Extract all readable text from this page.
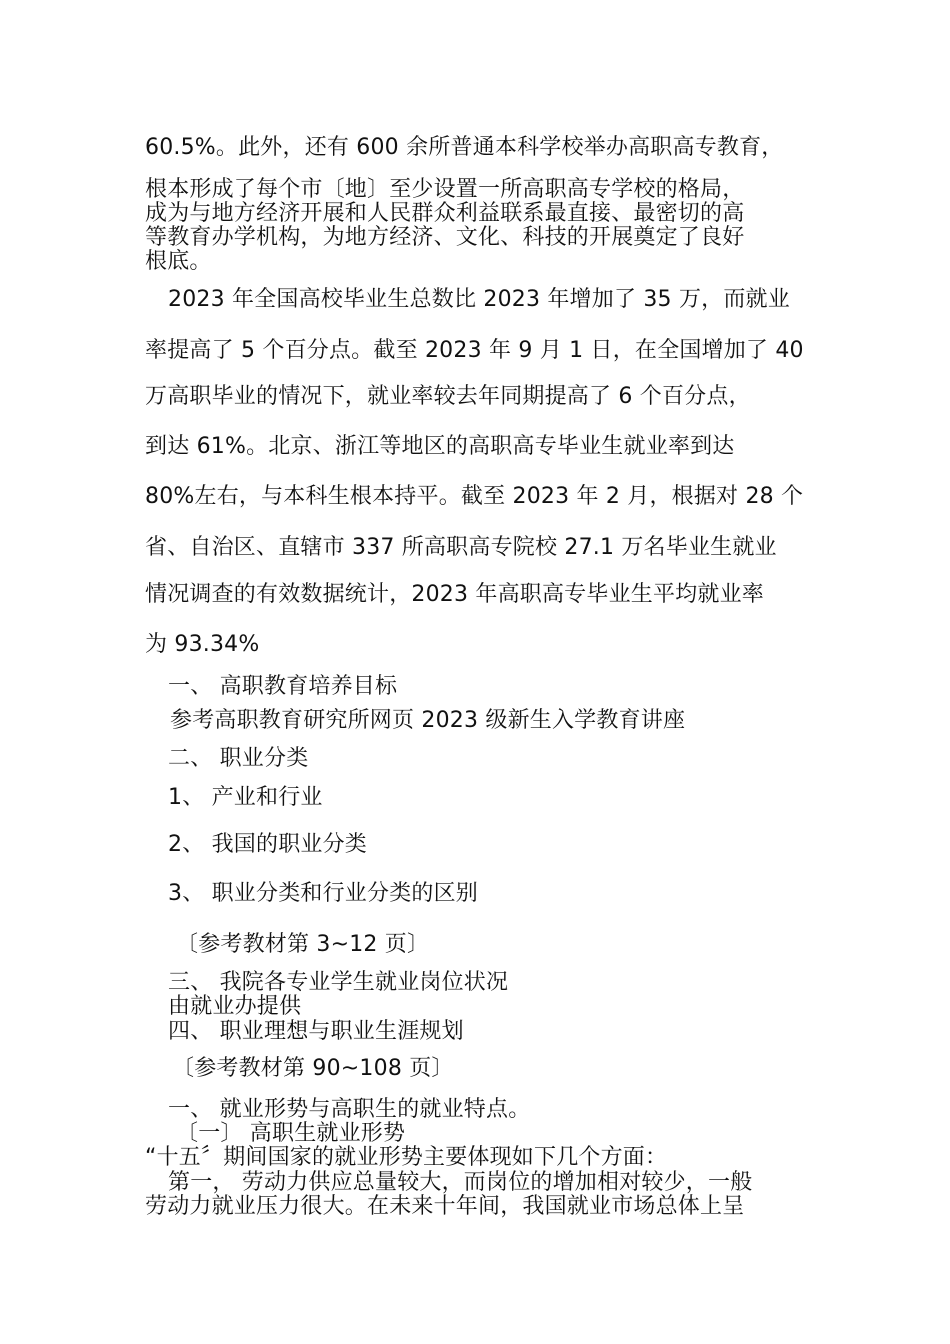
60.5%。此外，还有 600 余所普通本科学校举办高职高专教育，
根本形成了每个市〔地〕至少设置一所高职高专学校的格局，
成为与地方经济开展和人民群众利益联系最直接、最密切的高
等教育办学机构，为地方经济、文化、科技的开展奠定了良好
根底。
2023 年全国高校毕业生总数比 2023 年增加了 35 万，而就业
率提高了 5 个百分点。截至 2023 年 9 月 1 日，在全国增加了 40
万高职毕业的情况下，就业率较去年同期提高了 6 个百分点，
到达 61%。北京、浙江等地区的高职高专毕业生就业率到达
80%左右，与本科生根本持平。截至 2023 年 2 月，根据对 28 个
省、自治区、直辖市 337 所高职高专院校 27.1 万名毕业生就业
情况调查的有效数据统计，2023 年高职高专毕业生平均就业率
为 93.34%
一、 高职教育培养目标
参考高职教育研究所网页 2023 级新生入学教育讲座
二、 职业分类
1、 产业和行业
2、 我国的职业分类
3、 职业分类和行业分类的区别
〔参考教材第 3~12 页〕
三、 我院各专业学生就业岗位状况
由就业办提供
四、 职业理想与职业生涯规划
〔参考教材第 90~108 页〕
一、 就业形势与高职生的就业特点。
〔一〕 高职生就业形势
“十五〞期间国家的就业形势主要体现如下几个方面：
第一， 劳动力供应总量较大，而岗位的增加相对较少，一般
劳动力就业压力很大。在未来十年间，我国就业市场总体上呈
